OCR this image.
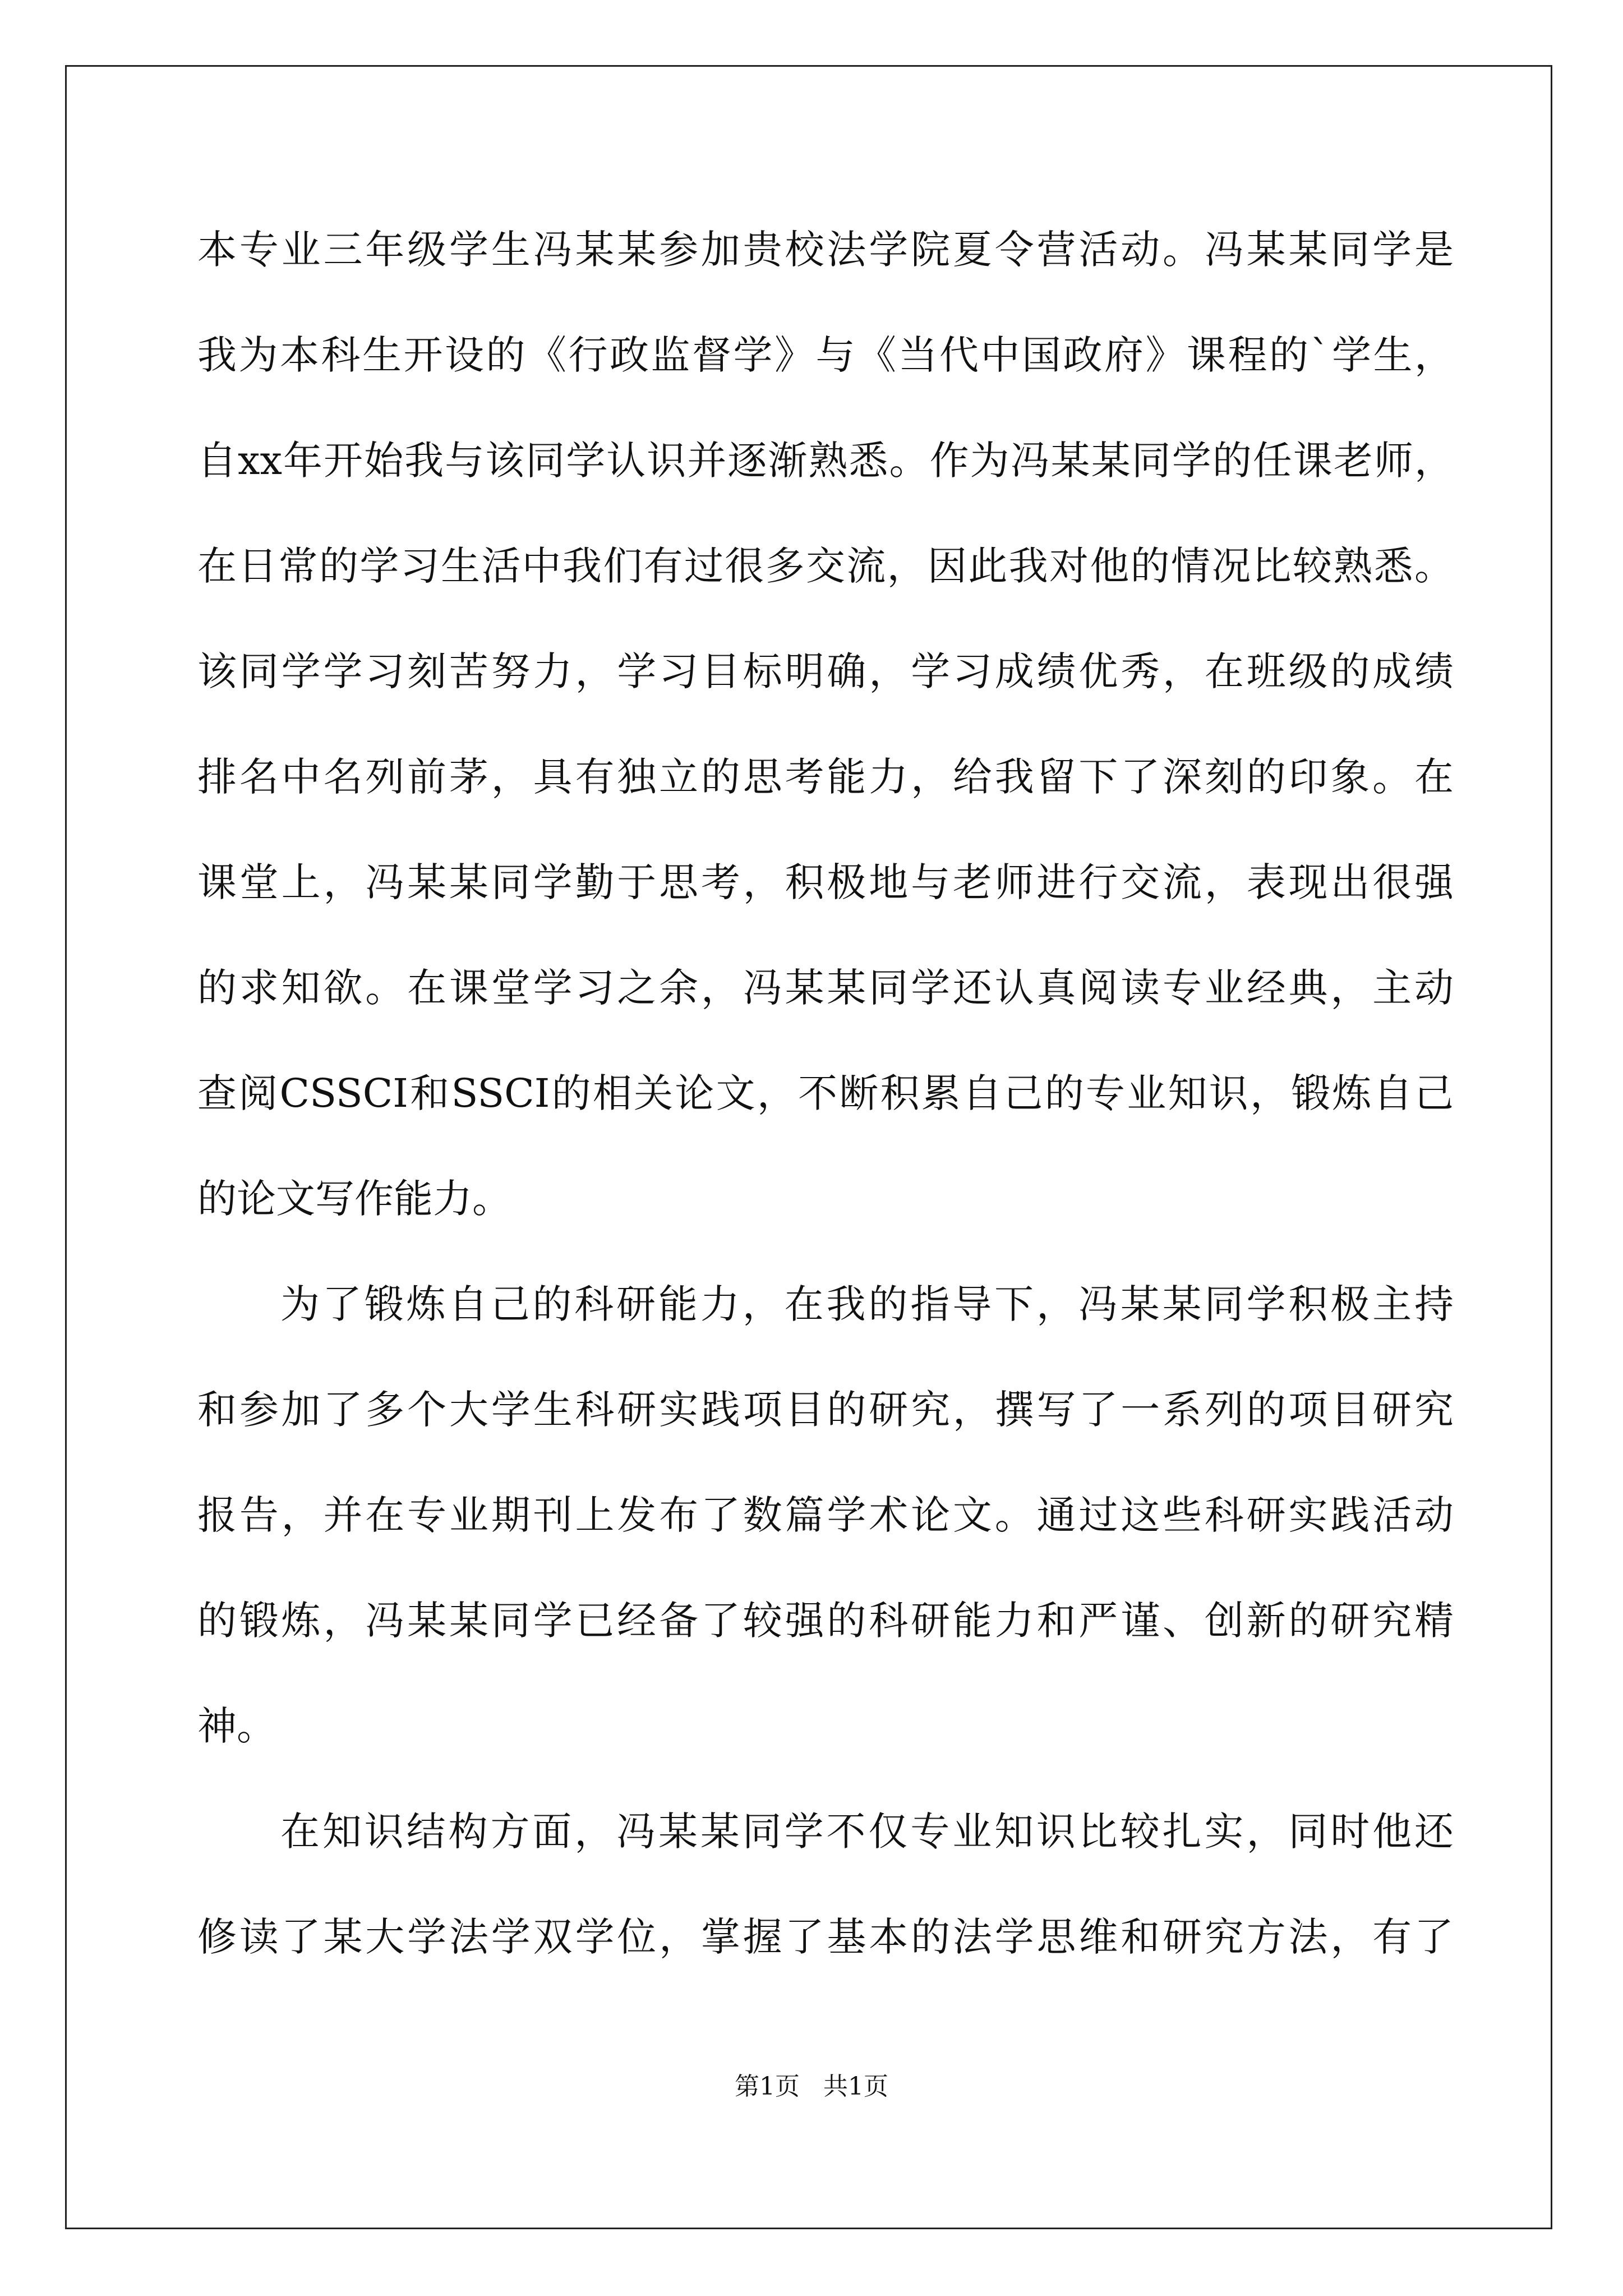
本专业三年级学生冯某某参加贵校法学院夏令营活动。冯某某同学是
我为本科生开设的《行政监督学》与《当代中国政府》课程的`学生，
自xx年开始我与该同学认识并逐渐熟悉。作为冯某某同学的任课老师，
在日常的学习生活中我们有过很多交流，因此我对他的情况比较熟悉。
该同学学习刻苦努力，学习目标明确，学习成绩优秀，在班级的成绩
排名中名列前茅，具有独立的思考能力，给我留下了深刻的印象。在
课堂上，冯某某同学勤于思考，积极地与老师进行交流，表现出很强
的求知欲。在课堂学习之余，冯某某同学还认真阅读专业经典，主动
查阅CSSCI和SSCI的相关论文，不断积累自己的专业知识，锻炼自己
的论文写作能力。
为了锻炼自己的科研能力，在我的指导下，冯某某同学积极主持
和参加了多个大学生科研实践项目的研究，撰写了一系列的项目研究
报告，并在专业期刊上发布了数篇学术论文。通过这些科研实践活动
的锻炼，冯某某同学已经备了较强的科研能力和严谨、创新的研究精
神。
在知识结构方面，冯某某同学不仅专业知识比较扎实，同时他还
修读了某大学法学双学位，掌握了基本的法学思维和研究方法，有了
第1页   共1页
